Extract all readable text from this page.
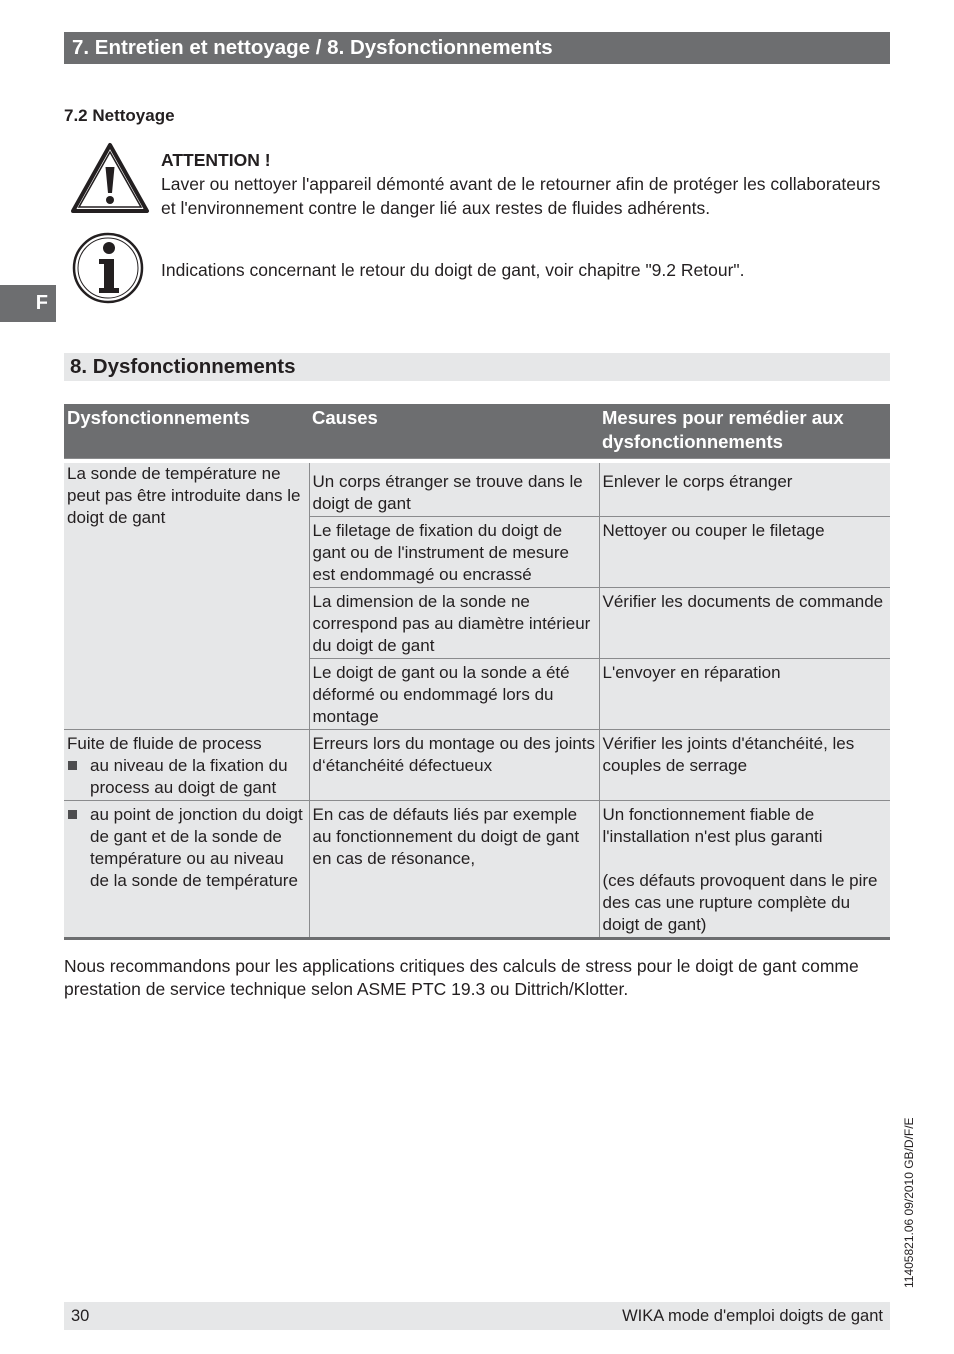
7. Entretien et nettoyage / 8. Dysfonctionnements
7.2 Nettoyage
ATTENTION !
Laver ou nettoyer l'appareil démonté avant de le retourner afin de protéger les collaborateurs et l'environnement contre le danger lié aux restes de fluides adhérents.
Indications concernant le retour du doigt de gant, voir chapitre "9.2 Retour".
F
8. Dysfonctionnements
Dysfonctionnements	Causes	Mesures pour remédier aux dysfonctionnements

La sonde de température ne peut pas être introduite dans le doigt de gant	Un corps étranger se trouve dans le doigt de gant	Enlever le corps étranger
	Le filetage de fixation du doigt de gant ou de l'instrument de mesure est endommagé ou encrassé	Nettoyer ou couper le filetage
	La dimension de la sonde ne correspond pas au diamètre intérieur du doigt de gant	Vérifier les documents de commande
	Le doigt de gant ou la sonde a été déformé ou endommagé lors du montage	L'envoyer en réparation

Fuite de fluide de process
au niveau de la fixation du process au doigt de gant	Erreurs lors du montage ou des joints d‘étanchéité défectueux	Vérifier les joints d'étanchéité, les couples de serrage

au point de jonction du doigt de gant et de la sonde de température ou au niveau de la sonde de température	En cas de défauts liés par exemple au fonctionnement du doigt de gant en cas de résonance,	Un fonctionnement fiable de l'installation n'est plus garanti
(ces défauts provoquent dans le pire des cas une rupture complète du doigt de gant)
Nous recommandons pour les applications critiques des calculs de stress pour le doigt de gant comme prestation de service technique selon ASME PTC 19.3 ou Dittrich/Klotter.
11405821.06 09/2010 GB/D/F/E
30	WIKA mode d'emploi doigts de gant
